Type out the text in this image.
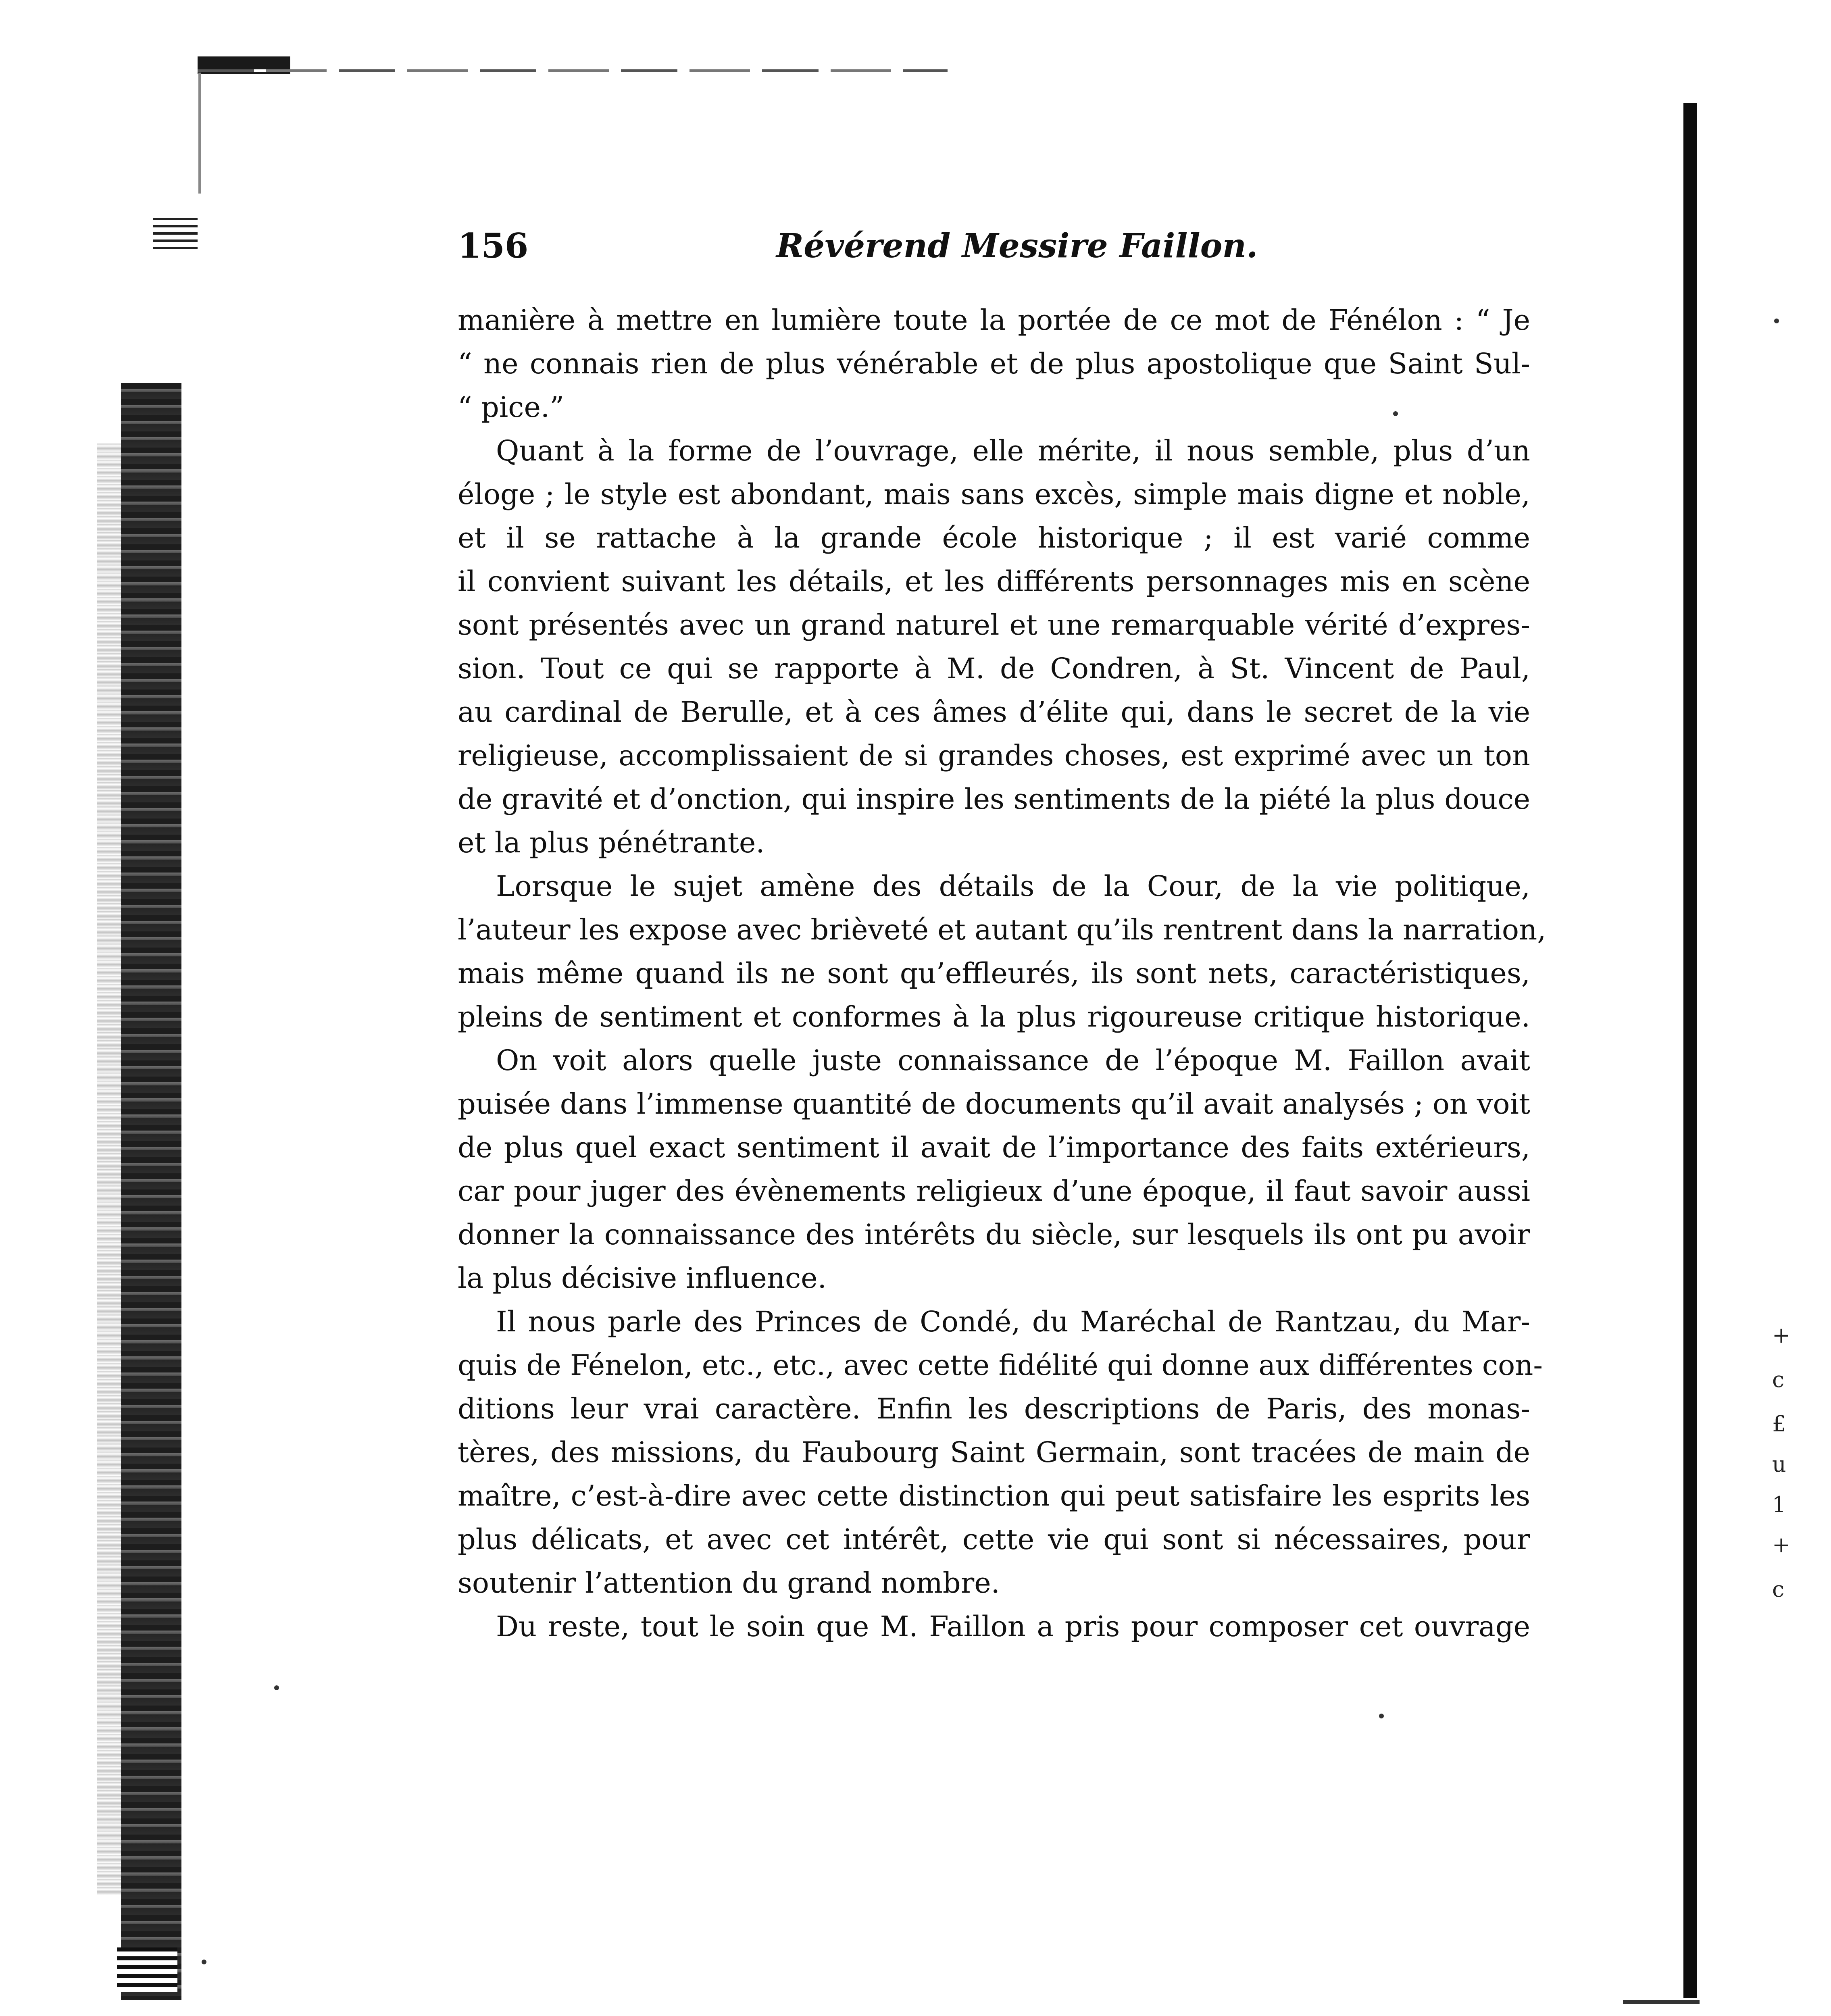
+
c
£
u
1
+
c
156	Révérend Messire Faillon.
manière à mettre en lumière toute la portée de ce mot de Fénélon : “ Je
“ ne connais rien de plus vénérable et de plus apostolique que Saint Sul-
“ pice.”
Quant à la forme de l’ouvrage, elle mérite, il nous semble, plus d’un
éloge ; le style est abondant, mais sans excès, simple mais digne et noble,
et il se rattache à la grande école historique ; il est varié comme
il convient suivant les détails, et les différents personnages mis en scène
sont présentés avec un grand naturel et une remarquable vérité d’expres-
sion. Tout ce qui se rapporte à M. de Condren, à St. Vincent de Paul,
au cardinal de Berulle, et à ces âmes d’élite qui, dans le secret de la vie
religieuse, accomplissaient de si grandes choses, est exprimé avec un ton
de gravité et d’onction, qui inspire les sentiments de la piété la plus douce
et la plus pénétrante.
Lorsque le sujet amène des détails de la Cour, de la vie politique,
l’auteur les expose avec brièveté et autant qu’ils rentrent dans la narration,
mais même quand ils ne sont qu’effleurés, ils sont nets, caractéristiques,
pleins de sentiment et conformes à la plus rigoureuse critique historique.
On voit alors quelle juste connaissance de l’époque M. Faillon avait
puisée dans l’immense quantité de documents qu’il avait analysés ; on voit
de plus quel exact sentiment il avait de l’importance des faits extérieurs,
car pour juger des évènements religieux d’une époque, il faut savoir aussi
donner la connaissance des intérêts du siècle, sur lesquels ils ont pu avoir
la plus décisive influence.
Il nous parle des Princes de Condé, du Maréchal de Rantzau, du Mar-
quis de Fénelon, etc., etc., avec cette fidélité qui donne aux différentes con-
ditions leur vrai caractère. Enfin les descriptions de Paris, des monas-
tères, des missions, du Faubourg Saint Germain, sont tracées de main de
maître, c’est-à-dire avec cette distinction qui peut satisfaire les esprits les
plus délicats, et avec cet intérêt, cette vie qui sont si nécessaires, pour
soutenir l’attention du grand nombre.
Du reste, tout le soin que M. Faillon a pris pour composer cet ouvrage
